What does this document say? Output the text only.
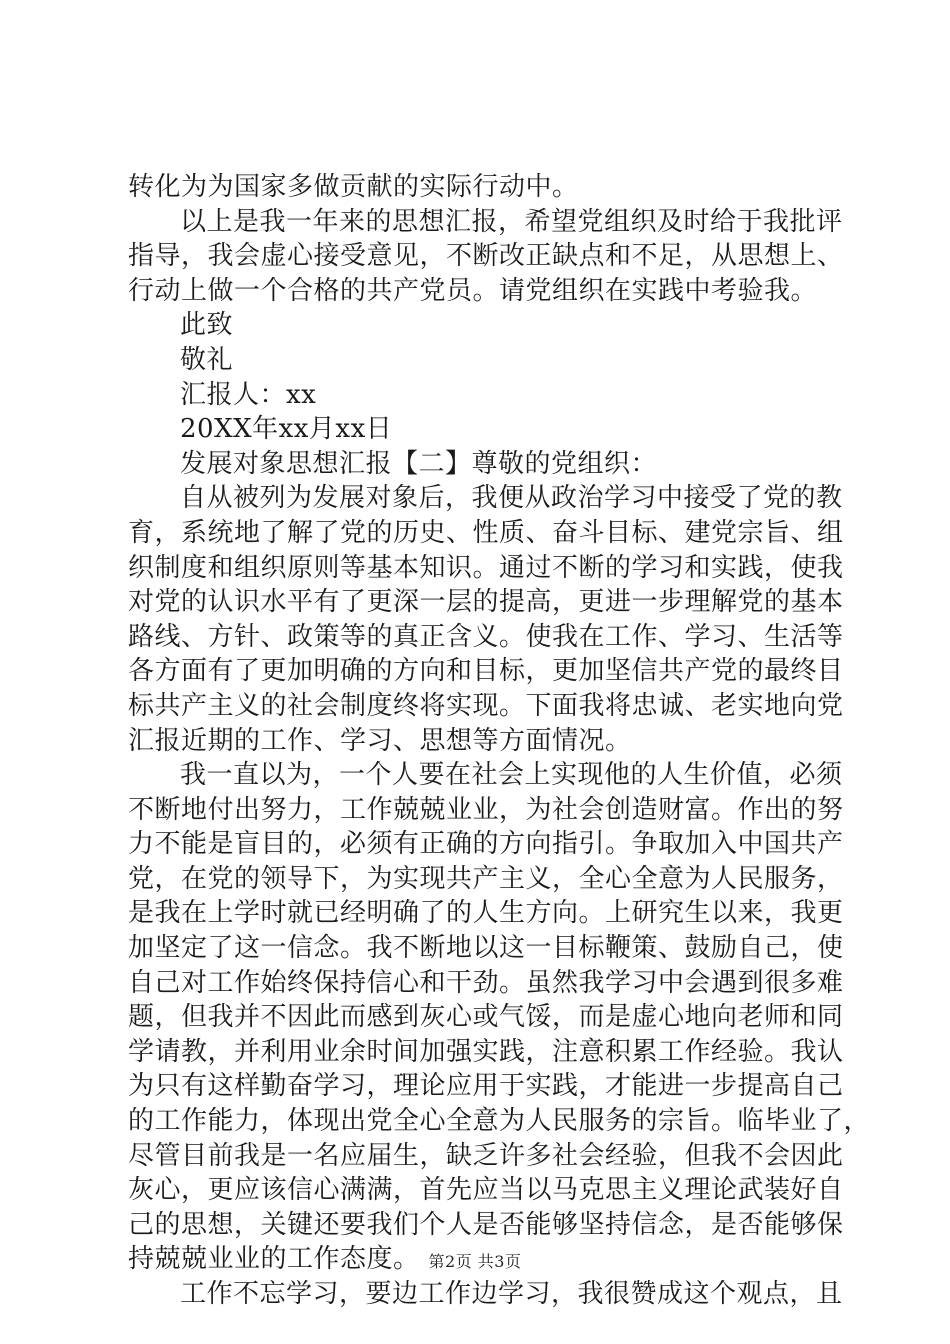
转化为为国家多做贡献的实际行动中。
以上是我一年来的思想汇报，希望党组织及时给于我批评
指导，我会虚心接受意见，不断改正缺点和不足，从思想上、
行动上做一个合格的共产党员。请党组织在实践中考验我。
此致
敬礼
汇报人：xx
20XX年xx月xx日
发展对象思想汇报【二】尊敬的党组织：
自从被列为发展对象后，我便从政治学习中接受了党的教
育，系统地了解了党的历史、性质、奋斗目标、建党宗旨、组
织制度和组织原则等基本知识。通过不断的学习和实践，使我
对党的认识水平有了更深一层的提高，更进一步理解党的基本
路线、方针、政策等的真正含义。使我在工作、学习、生活等
各方面有了更加明确的方向和目标，更加坚信共产党的最终目
标共产主义的社会制度终将实现。下面我将忠诚、老实地向党
汇报近期的工作、学习、思想等方面情况。
我一直以为，一个人要在社会上实现他的人生价值，必须
不断地付出努力，工作兢兢业业，为社会创造财富。作出的努
力不能是盲目的，必须有正确的方向指引。争取加入中国共产
党，在党的领导下，为实现共产主义，全心全意为人民服务，
是我在上学时就已经明确了的人生方向。上研究生以来，我更
加坚定了这一信念。我不断地以这一目标鞭策、鼓励自己，使
自己对工作始终保持信心和干劲。虽然我学习中会遇到很多难
题，但我并不因此而感到灰心或气馁，而是虚心地向老师和同
学请教，并利用业余时间加强实践，注意积累工作经验。我认
为只有这样勤奋学习，理论应用于实践，才能进一步提高自己
的工作能力，体现出党全心全意为人民服务的宗旨。临毕业了，
尽管目前我是一名应届生，缺乏许多社会经验，但我不会因此
灰心，更应该信心满满，首先应当以马克思主义理论武装好自
己的思想，关键还要我们个人是否能够坚持信念，是否能够保
持兢兢业业的工作态度。
工作不忘学习，要边工作边学习，我很赞成这个观点，且
第2页 共3页
